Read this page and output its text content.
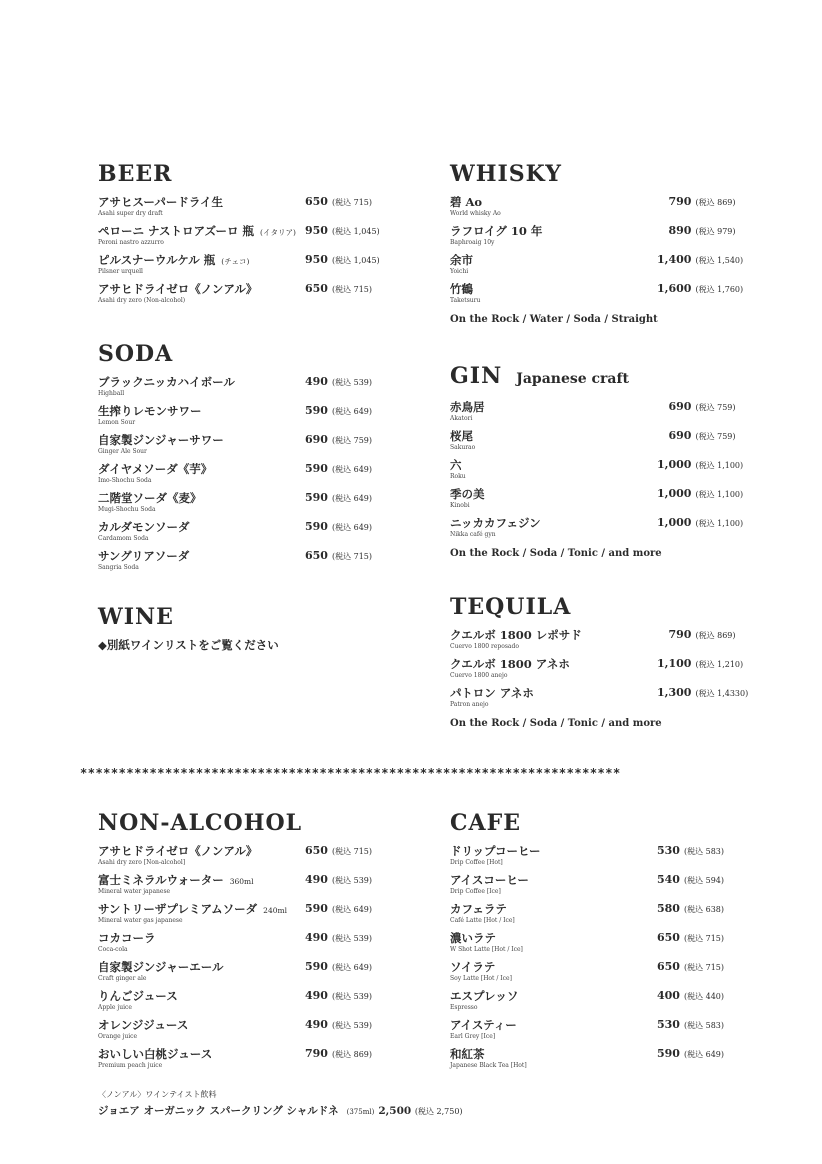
BEER
アサヒスーパードライ生
Asahi super dry draft
650 (税込 715)
ペローニ ナストロアズーロ 瓶 (イタリア)
Peroni nastro azzurro
950 (税込 1,045)
ピルスナーウルケル 瓶 (チェコ)
Pilsner urquell
950 (税込 1,045)
アサヒドライゼロ《ノンアル》
Asahi dry zero (Non-alcohol)
650 (税込 715)
SODA
ブラックニッカハイボール
Highball
490 (税込 539)
生搾りレモンサワー
Lemon Sour
590 (税込 649)
自家製ジンジャーサワー
Ginger Ale Sour
690 (税込 759)
ダイヤメソーダ《芋》
Imo-Shochu Soda
590 (税込 649)
二階堂ソーダ《麦》
Mugi-Shochu Soda
590 (税込 649)
カルダモンソーダ
Cardamom Soda
590 (税込 649)
サングリアソーダ
Sangria Soda
650 (税込 715)
WINE
◆別紙ワインリストをご覧ください
WHISKY
碧 Ao
World whisky Ao
790 (税込 869)
ラフロイグ 10 年
Baphroaig 10y
890 (税込 979)
余市
Yoichi
1,400 (税込 1,540)
竹鶴
Taketsuru
1,600 (税込 1,760)
On the Rock / Water / Soda / Straight
GIN Japanese craft
赤鳥居
Akatori
690 (税込 759)
桜尾
Sakurao
690 (税込 759)
六
Roku
1,000 (税込 1,100)
季の美
Kinobi
1,000 (税込 1,100)
ニッカカフェジン
Nikka café gyn
1,000 (税込 1,100)
On the Rock / Soda / Tonic / and more
TEQUILA
クエルボ 1800 レポサド
Cuervo 1800 reposado
790 (税込 869)
クエルボ 1800 アネホ
Cuervo 1800 anejo
1,100 (税込 1,210)
パトロン アネホ
Patron anejo
1,300 (税込 1,4330)
On the Rock / Soda / Tonic / and more
**********************************************************************
NON-ALCOHOL
アサヒドライゼロ《ノンアル》
Asahi dry zero [Non-alcohol]
650 (税込 715)
富士ミネラルウォーター 360ml
Mineral water japanese
490 (税込 539)
サントリーザプレミアムソーダ 240ml
Mineral water gas japanese
590 (税込 649)
コカコーラ
Coca-cola
490 (税込 539)
自家製ジンジャーエール
Craft ginger ale
590 (税込 649)
りんごジュース
Apple juice
490 (税込 539)
オレンジジュース
Orange juice
490 (税込 539)
おいしい白桃ジュース
Premium peach juice
790 (税込 869)
CAFE
ドリップコーヒー
Drip Coffee [Hot]
530 (税込 583)
アイスコーヒー
Drip Coffee [Ice]
540 (税込 594)
カフェラテ
Café Latte [Hot / Ice]
580 (税込 638)
濃いラテ
W Shot Latte [Hot / Ice]
650 (税込 715)
ソイラテ
Soy Latte [Hot / Ice]
650 (税込 715)
エスプレッソ
Espresso
400 (税込 440)
アイスティー
Earl Grey [Ice]
530 (税込 583)
和紅茶
Japanese Black Tea [Hot]
590 (税込 649)
〈ノンアル〉ワインテイスト飲料
ジョエア オーガニック スパークリング シャルドネ (375ml) 2,500 (税込 2,750)
